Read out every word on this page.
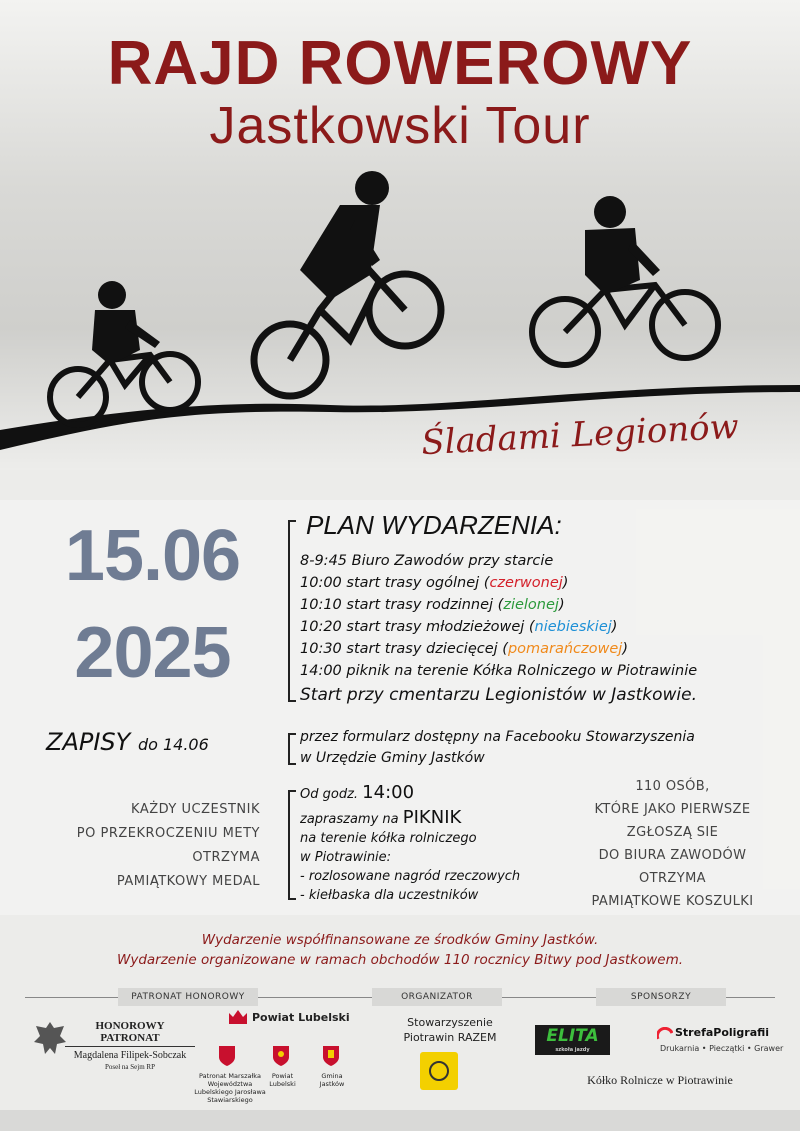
RAJD ROWEROWY
Jastkowski Tour
Śladami Legionów
15.06
2025
ZAPISY do 14.06
KAŻDY UCZESTNIK
PO PRZEKROCZENIU METY
OTRZYMA
PAMIĄTKOWY MEDAL
PLAN WYDARZENIA:
8-9:45 Biuro Zawodów przy starcie
10:00 start trasy ogólnej (czerwonej)
10:10 start trasy rodzinnej (zielonej)
10:20 start trasy młodzieżowej (niebieskiej)
10:30 start trasy dziecięcej (pomarańczowej)
14:00 piknik na terenie Kółka Rolniczego w Piotrawinie
Start przy cmentarzu Legionistów w Jastkowie.
przez formularz dostępny na Facebooku Stowarzyszenia
w Urzędzie Gminy Jastków
Od godz. 14:00
zapraszamy na PIKNIK
na terenie kółka rolniczego
w Piotrawinie:
- rozlosowane nagród rzeczowych
- kiełbaska dla uczestników
110 OSÓB,
KTÓRE JAKO PIERWSZE
ZGŁOSZĄ SIE
DO BIURA ZAWODÓW
OTRZYMA
PAMIĄTKOWE KOSZULKI
Wydarzenie współfinansowane ze środków Gminy Jastków.
Wydarzenie organizowane w ramach obchodów 110 rocznicy Bitwy pod Jastkowem.
PATRONAT HONOROWY	ORGANIZATOR	SPONSORZY
HONOROWY PATRONAT
Magdalena Filipek-Sobczak
Poseł na Sejm RP
Powiat Lubelski
Patronat Marszałka Województwa Lubelskiego Jarosława Stawiarskiego
Powiat Lubelski
Gmina Jastków
Stowarzyszenie
Piotrawin RAZEM	ELITA
szkoła jazdy
StrefaPoligrafii
Drukarnia • Pieczątki • Grawer
Kółko Rolnicze w Piotrawinie
